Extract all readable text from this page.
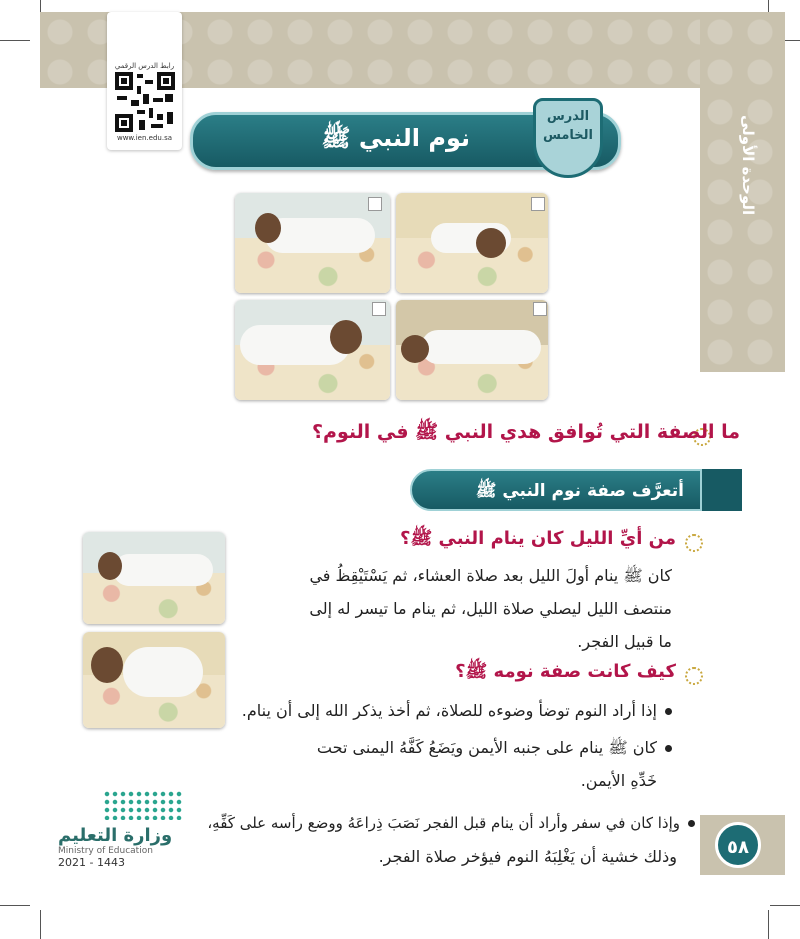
الوحدة الأولى
رابط الدرس الرقمي
www.ien.edu.sa	نوم النبي ﷺ
الدرس
الخامس
ما الصفة التي تُوافق هدي النبي ﷺ في النوم؟
أتعرَّف صفة نوم النبي ﷺ
من أيِّ الليل كان ينام النبي ﷺ؟
كان ﷺ ينام أولَ الليل بعد صلاة العشاء، ثم يَسْتَيْقِظُ في
منتصف الليل ليصلي صلاة الليل، ثم ينام ما تيسر له إلى
ما قبيل الفجر.
كيف كانت صفة نومه ﷺ؟
إذا أراد النوم توضأ وضوءه للصلاة، ثم أخذ يذكر الله إلى أن ينام.
كان ﷺ ينام على جنبه الأيمن ويَضَعُ كَفَّهُ اليمنى تحت
خَدِّهِ الأيمن.
وإذا كان في سفر وأراد أن ينام قبل الفجر نَصَبَ ذِراعَهُ ووضع رأسه على كَفِّهِ،
وذلك خشية أن يَغْلِبَهُ النوم فيؤخر صلاة الفجر.	٥٨
وزارة التعليم
Ministry of Education
2021 - 1443
